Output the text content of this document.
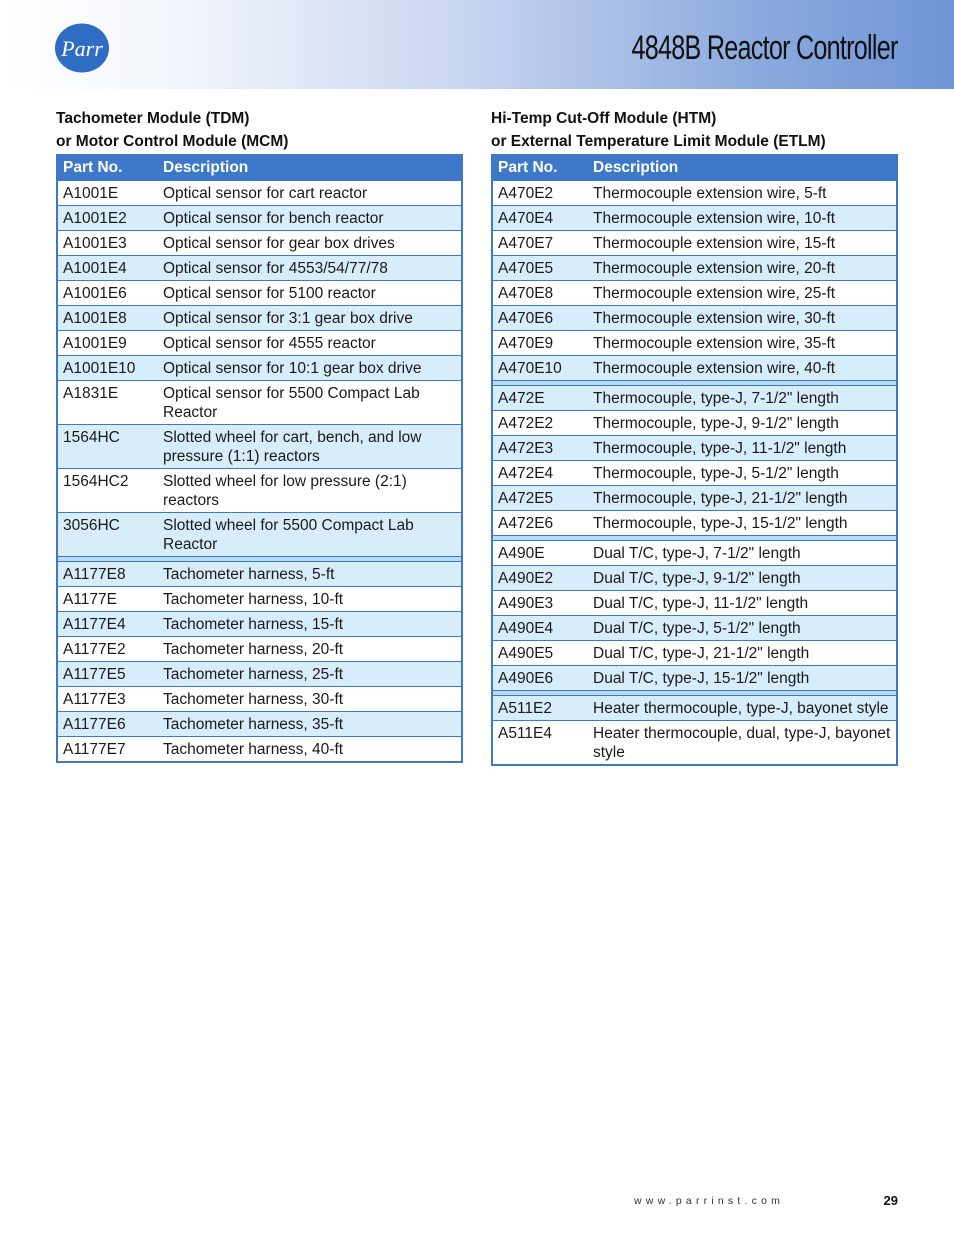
Parr	4848B Reactor Controller
Tachometer Module (TDM)
or Motor Control Module (MCM)
Part No.	Description
A1001E	Optical sensor for cart reactor
A1001E2	Optical sensor for bench reactor
A1001E3	Optical sensor for gear box drives
A1001E4	Optical sensor for 4553/54/77/78
A1001E6	Optical sensor for 5100 reactor
A1001E8	Optical sensor for 3:1 gear box drive
A1001E9	Optical sensor for 4555 reactor
A1001E10	Optical sensor for 10:1 gear box drive
A1831E	Optical sensor for 5500 Compact Lab Reactor
1564HC	Slotted wheel for cart, bench, and low pressure (1:1) reactors
1564HC2	Slotted wheel for low pressure (2:1) reactors
3056HC	Slotted wheel for 5500 Compact Lab Reactor

A1177E8	Tachometer harness, 5-ft
A1177E	Tachometer harness, 10-ft
A1177E4	Tachometer harness, 15-ft
A1177E2	Tachometer harness, 20-ft
A1177E5	Tachometer harness, 25-ft
A1177E3	Tachometer harness, 30-ft
A1177E6	Tachometer harness, 35-ft
A1177E7	Tachometer harness, 40-ft
Hi-Temp Cut-Off Module (HTM)
or External Temperature Limit Module (ETLM)
Part No.	Description
A470E2	Thermocouple extension wire, 5-ft
A470E4	Thermocouple extension wire, 10-ft
A470E7	Thermocouple extension wire, 15-ft
A470E5	Thermocouple extension wire, 20-ft
A470E8	Thermocouple extension wire, 25-ft
A470E6	Thermocouple extension wire, 30-ft
A470E9	Thermocouple extension wire, 35-ft
A470E10	Thermocouple extension wire, 40-ft

A472E	Thermocouple, type-J, 7-1/2" length
A472E2	Thermocouple, type-J, 9-1/2" length
A472E3	Thermocouple, type-J, 11-1/2" length
A472E4	Thermocouple, type-J, 5-1/2" length
A472E5	Thermocouple, type-J, 21-1/2" length
A472E6	Thermocouple, type-J, 15-1/2" length

A490E	Dual T/C, type-J, 7-1/2" length
A490E2	Dual T/C, type-J, 9-1/2" length
A490E3	Dual T/C, type-J, 11-1/2" length
A490E4	Dual T/C, type-J, 5-1/2" length
A490E5	Dual T/C, type-J, 21-1/2" length
A490E6	Dual T/C, type-J, 15-1/2" length

A511E2	Heater thermocouple, type-J, bayonet style
A511E4	Heater thermocouple, dual, type-J, bayonet style
www.parrinst.com	29
